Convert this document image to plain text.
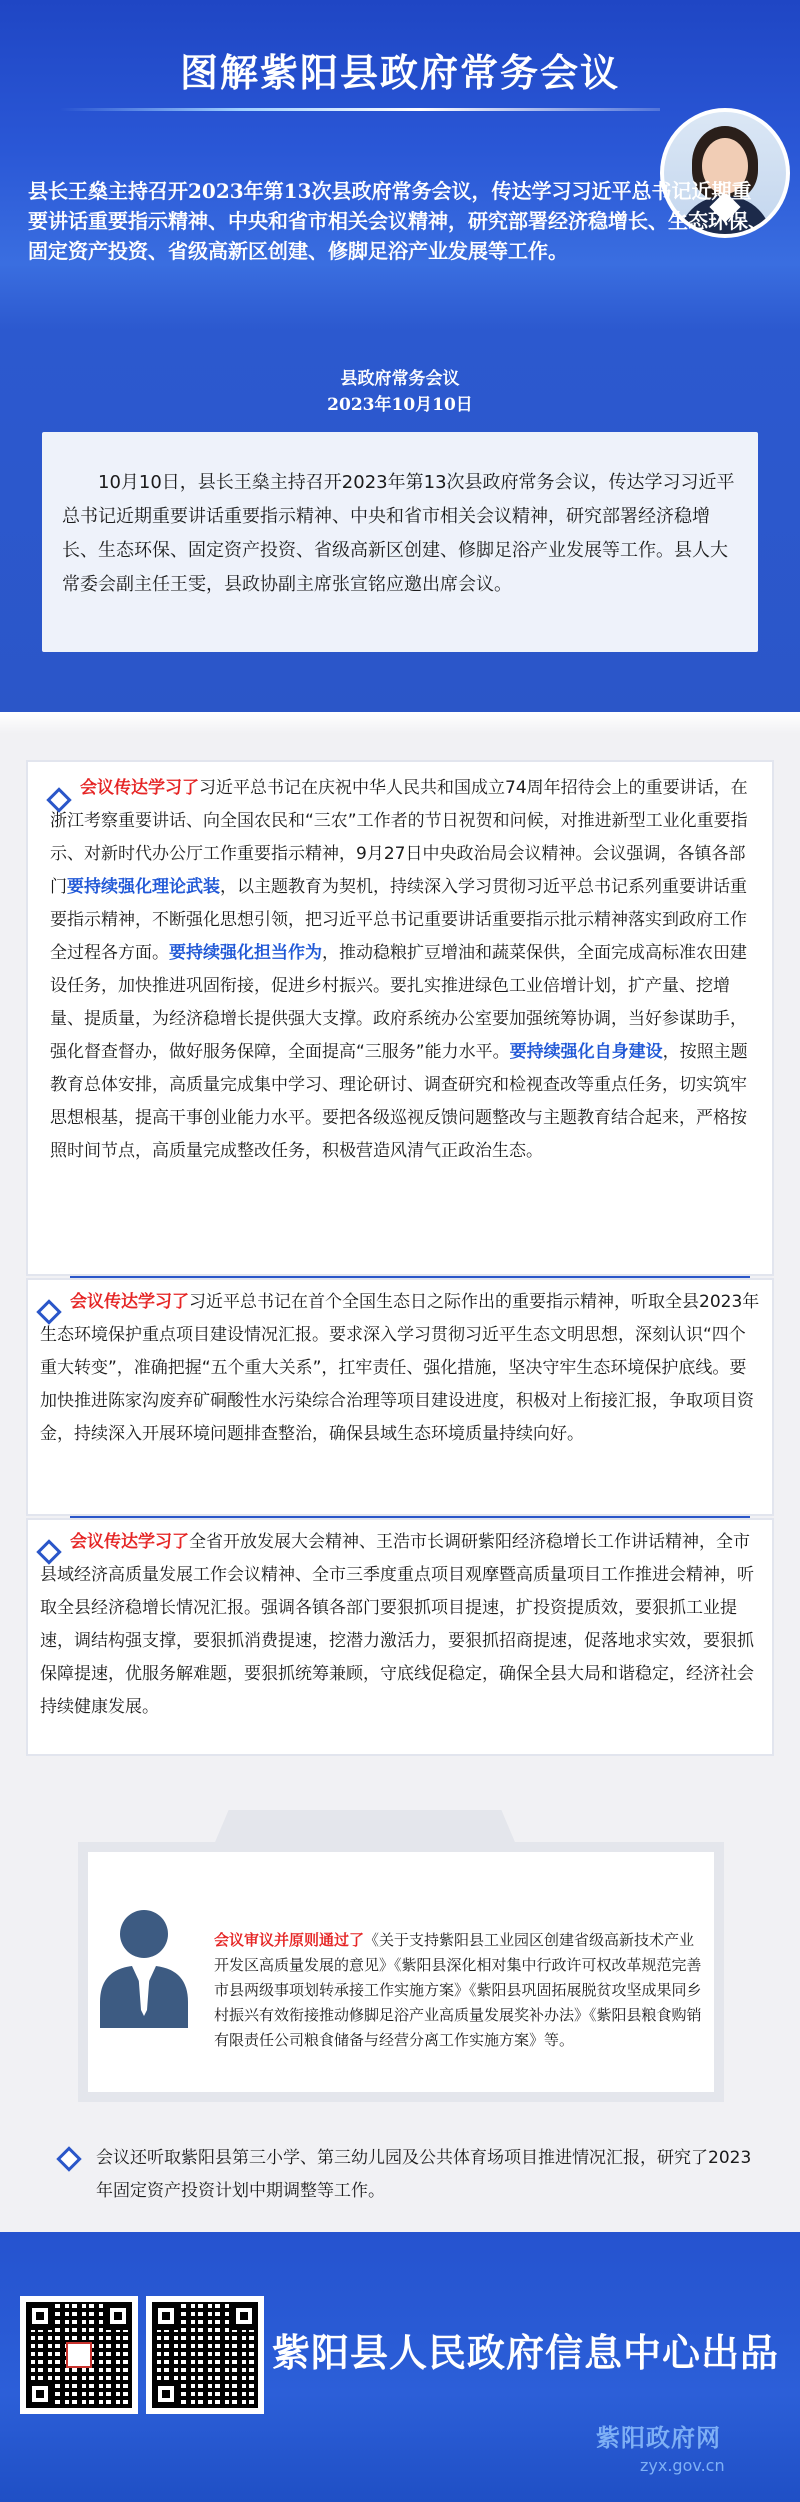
图解紫阳县政府常务会议
县长王燊主持召开2023年第13次县政府常务会议，传达学习习近平总书记近期重要讲话重要指示精神、中央和省市相关会议精神，研究部署经济稳增长、生态环保、固定资产投资、省级高新区创建、修脚足浴产业发展等工作。
县政府常务会议
2023年10月10日
10月10日，县长王燊主持召开2023年第13次县政府常务会议，传达学习习近平总书记近期重要讲话重要指示精神、中央和省市相关会议精神，研究部署经济稳增长、生态环保、固定资产投资、省级高新区创建、修脚足浴产业发展等工作。县人大常委会副主任王雯，县政协副主席张宣铭应邀出席会议。
会议传达学习了习近平总书记在庆祝中华人民共和国成立74周年招待会上的重要讲话，在浙江考察重要讲话、向全国农民和“三农”工作者的节日祝贺和问候，对推进新型工业化重要指示、对新时代办公厅工作重要指示精神，9月27日中央政治局会议精神。会议强调，各镇各部门要持续强化理论武装，以主题教育为契机，持续深入学习贯彻习近平总书记系列重要讲话重要指示精神，不断强化思想引领，把习近平总书记重要讲话重要指示批示精神落实到政府工作全过程各方面。要持续强化担当作为，推动稳粮扩豆增油和蔬菜保供，全面完成高标准农田建设任务，加快推进巩固衔接，促进乡村振兴。要扎实推进绿色工业倍增计划，扩产量、挖增量、提质量，为经济稳增长提供强大支撑。政府系统办公室要加强统筹协调，当好参谋助手，强化督查督办，做好服务保障，全面提高“三服务”能力水平。要持续强化自身建设，按照主题教育总体安排，高质量完成集中学习、理论研讨、调查研究和检视查改等重点任务，切实筑牢思想根基，提高干事创业能力水平。要把各级巡视反馈问题整改与主题教育结合起来，严格按照时间节点，高质量完成整改任务，积极营造风清气正政治生态。
会议传达学习了习近平总书记在首个全国生态日之际作出的重要指示精神，听取全县2023年生态环境保护重点项目建设情况汇报。要求深入学习贯彻习近平生态文明思想，深刻认识“四个重大转变”，准确把握“五个重大关系”，扛牢责任、强化措施，坚决守牢生态环境保护底线。要加快推进陈家沟废弃矿硐酸性水污染综合治理等项目建设进度，积极对上衔接汇报，争取项目资金，持续深入开展环境问题排查整治，确保县域生态环境质量持续向好。
会议传达学习了全省开放发展大会精神、王浩市长调研紫阳经济稳增长工作讲话精神，全市县域经济高质量发展工作会议精神、全市三季度重点项目观摩暨高质量项目工作推进会精神，听取全县经济稳增长情况汇报。强调各镇各部门要狠抓项目提速，扩投资提质效，要狠抓工业提速，调结构强支撑，要狠抓消费提速，挖潜力激活力，要狠抓招商提速，促落地求实效，要狠抓保障提速，优服务解难题，要狠抓统筹兼顾，守底线促稳定，确保全县大局和谐稳定，经济社会持续健康发展。
会议审议并原则通过了《关于支持紫阳县工业园区创建省级高新技术产业开发区高质量发展的意见》《紫阳县深化相对集中行政许可权改革规范完善市县两级事项划转承接工作实施方案》《紫阳县巩固拓展脱贫攻坚成果同乡村振兴有效衔接推动修脚足浴产业高质量发展奖补办法》《紫阳县粮食购销有限责任公司粮食储备与经营分离工作实施方案》等。
会议还听取紫阳县第三小学、第三幼儿园及公共体育场项目推进情况汇报，研究了2023年固定资产投资计划中期调整等工作。
紫阳县人民政府信息中心出品
紫阳政府网
zyx.gov.cn
